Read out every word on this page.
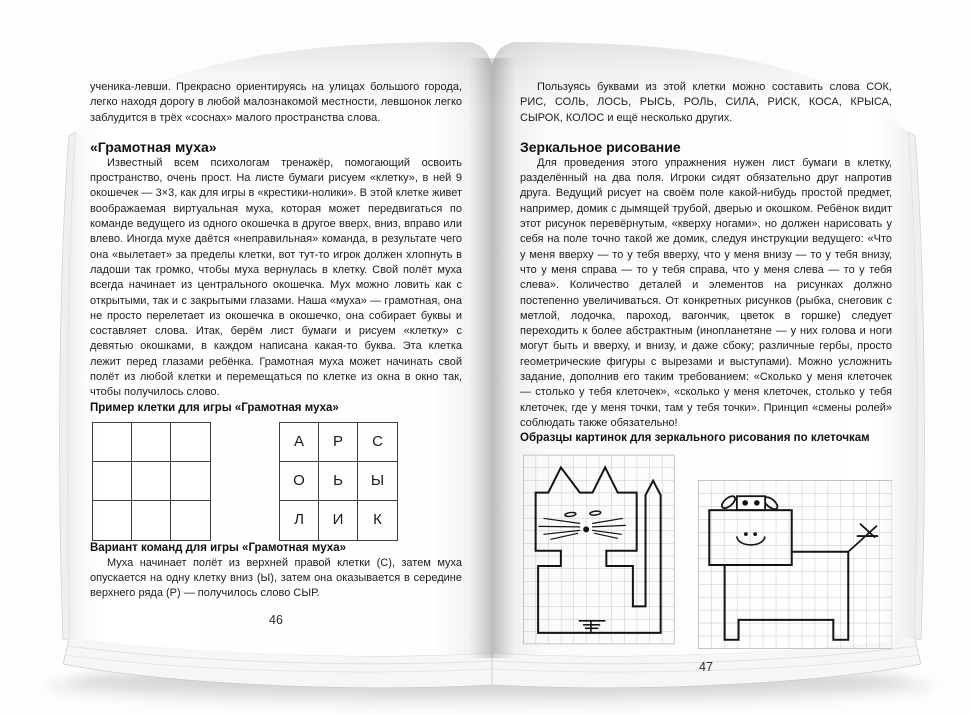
ученика-левши. Прекрасно ориентируясь на улицах большого города, легко находя дорогу в любой малознакомой местности, левшонок легко заблудится в трёх «соснах» малого пространства слова.

«Грамотная муха»

Известный всем психологам тренажёр, помогающий освоить пространство, очень прост. На листе бумаги рисуем «клетку», в ней 9 окошечек — 3×3, как для игры в «крестики-нолики». В этой клетке живет воображаемая виртуальная муха, которая может передвигаться по команде ведущего из одного окошечка в другое вверх, вниз, вправо или влево. Иногда мухе даётся «неправильная» команда, в результате чего она «вылетает» за пределы клетки, вот тут-то игрок должен хлопнуть в ладоши так громко, чтобы муха вернулась в клетку. Свой полёт муха всегда начинает из центрального окошечка. Мух можно ловить как с открытыми, так и с закрытыми глазами. Наша «муха» — грамотная, она не просто перелетает из окошечка в окошечко, она собирает буквы и составляет слова. Итак, берём лист бумаги и рисуем «клетку» с девятью окошками, в каждом написана какая-то буква. Эта клетка лежит перед глазами ребёнка. Грамотная муха может начинать свой полёт из любой клетки и перемещаться по клетке из окна в окно так, чтобы получилось слово.

Пример клетки для игры «Грамотная муха»

А	Р	С
О	Ь	Ы
Л	И	К

Вариант команд для игры «Грамотная муха»

Муха начинает полёт из верхней правой клетки (С), затем муха опускается на одну клетку вниз (Ы), затем она оказывается в середине верхнего ряда (Р) — получилось слово СЫР.

46

Пользуясь буквами из этой клетки можно составить слова СОК, РИС, СОЛЬ, ЛОСЬ, РЫСЬ, РОЛЬ, СИЛА, РИСК, КОСА, КРЫСА, СЫРОК, КОЛОС и ещё несколько других.

Зеркальное рисование

Для проведения этого упражнения нужен лист бумаги в клетку, разделённый на два поля. Игроки сидят обязательно друг напротив друга. Ведущий рисует на своём поле какой-нибудь простой предмет, например, домик с дымящей трубой, дверью и окошком. Ребёнок видит этот рисунок перевёрнутым, «кверху ногами», но должен нарисовать у себя на поле точно такой же домик, следуя инструкции ведущего: «Что у меня вверху — то у тебя вверху, что у меня внизу — то у тебя внизу, что у меня справа — то у тебя справа, что у меня слева — то у тебя слева». Количество деталей и элементов на рисунках должно постепенно увеличиваться. От конкретных рисунков (рыбка, снеговик с метлой, лодочка, пароход, вагончик, цветок в горшке) следует переходить к более абстрактным (инопланетяне — у них голова и ноги могут быть и вверху, и внизу, и даже сбоку; различные гербы, просто геометрические фигуры с вырезами и выступами). Можно усложнить задание, дополнив его таким требованием: «Сколько у меня клеточек — столько у тебя клеточек», «сколько у меня клеточек, столько у тебя клеточек, где у меня точки, там у тебя точки». Принцип «смены ролей» соблюдать также обязательно!

Образцы картинок для зеркального рисования по клеточкам

47
